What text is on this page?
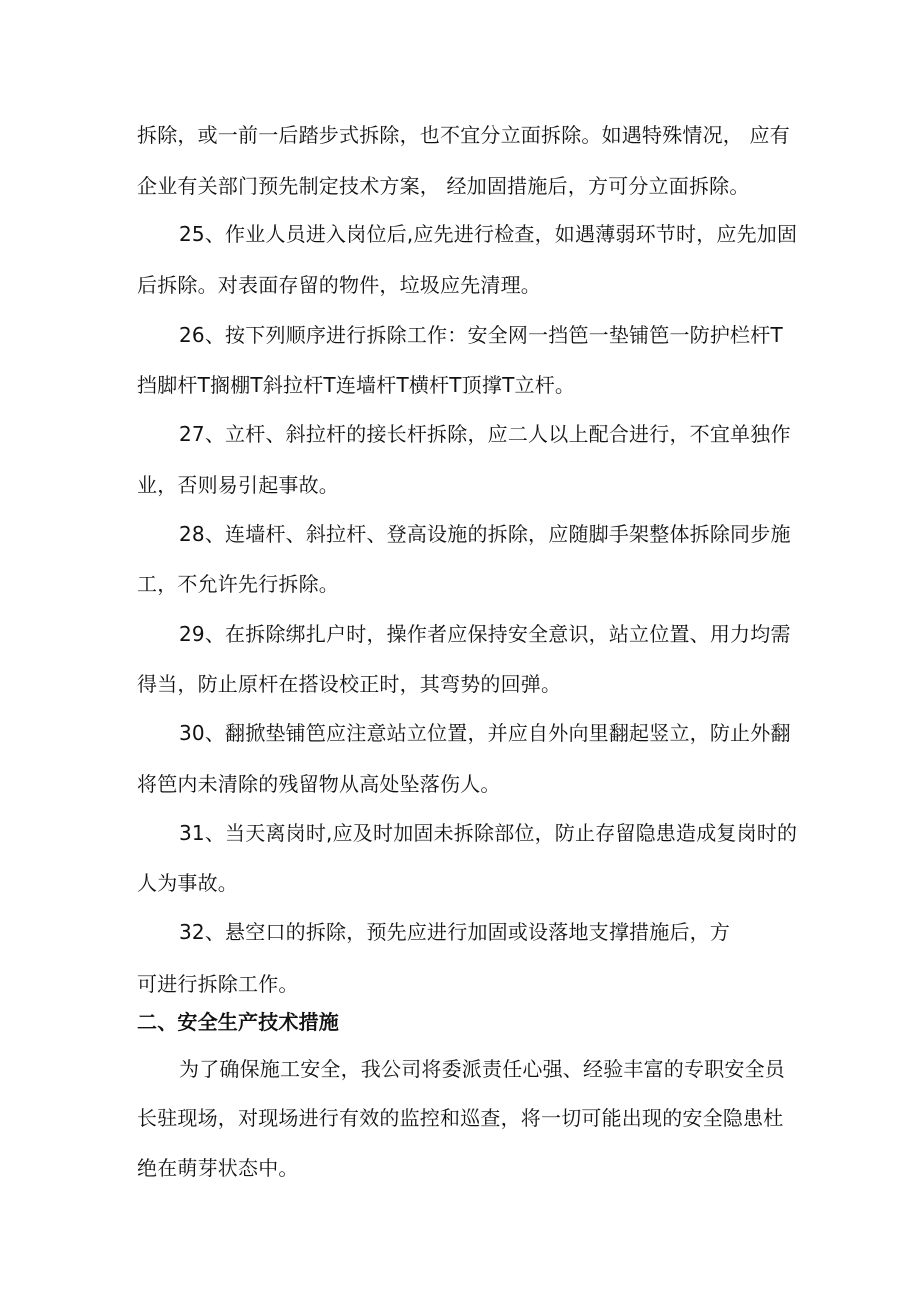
拆除，或一前一后踏步式拆除，也不宜分立面拆除。如遇特殊情况， 应有
企业有关部门预先制定技术方案， 经加固措施后，方可分立面拆除。
25、作业人员进入岗位后,应先进行检查，如遇薄弱环节时，应先加固
后拆除。对表面存留的物件，垃圾应先清理。
26、按下列顺序进行拆除工作：安全网一挡笆一垫铺笆一防护栏杆T
挡脚杆T搁棚T斜拉杆T连墙杆T横杆T顶撑T立杆。
27、立杆、斜拉杆的接长杆拆除，应二人以上配合进行，不宜单独作
业，否则易引起事故。
28、连墙杆、斜拉杆、登高设施的拆除，应随脚手架整体拆除同步施
工，不允许先行拆除。
29、在拆除绑扎户时，操作者应保持安全意识，站立位置、用力均需
得当，防止原杆在搭设校正时，其弯势的回弹。
30、翻掀垫铺笆应注意站立位置，并应自外向里翻起竖立，防止外翻
将笆内未清除的残留物从高处坠落伤人。
31、当天离岗时,应及时加固未拆除部位，防止存留隐患造成复岗时的
人为事故。
32、悬空口的拆除，预先应进行加固或设落地支撑措施后，方
可进行拆除工作。
二、安全生产技术措施
为了确保施工安全，我公司将委派责任心强、经验丰富的专职安全员
长驻现场，对现场进行有效的监控和巡查，将一切可能出现的安全隐患杜
绝在萌芽状态中。
